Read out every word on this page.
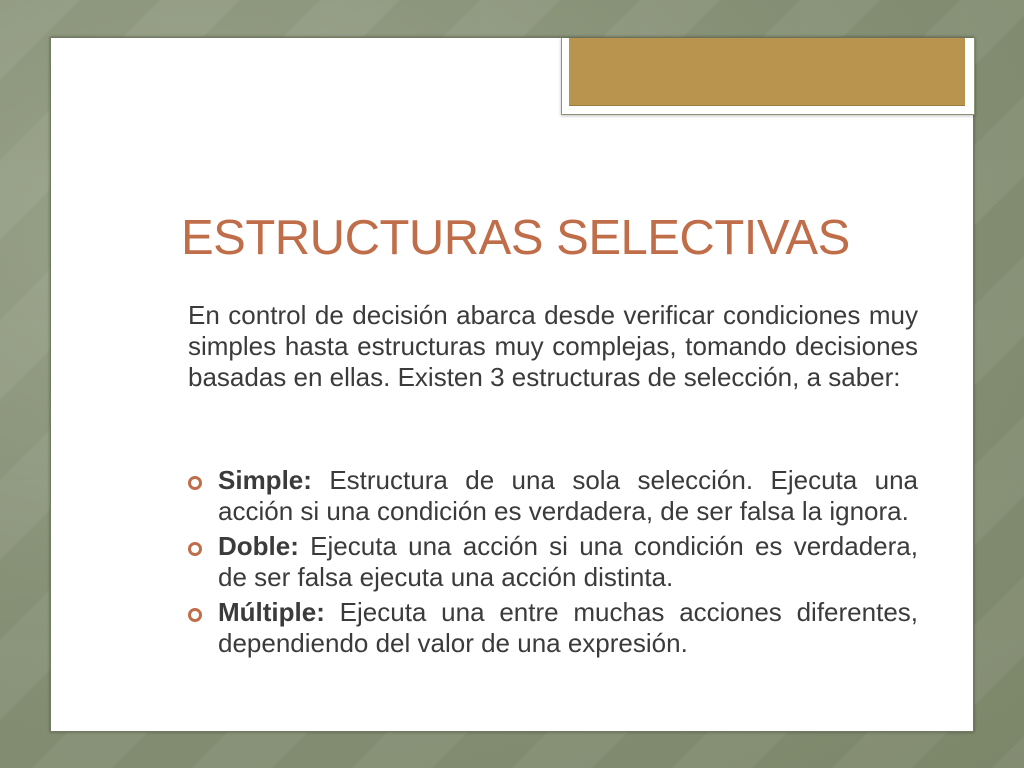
ESTRUCTURAS SELECTIVAS

En control de decisión abarca desde verificar condiciones muy simples hasta estructuras muy complejas, tomando decisiones basadas en ellas. Existen 3 estructuras de selección, a saber:

Simple: Estructura de una sola selección. Ejecuta una acción si una condición es verdadera, de ser falsa la ignora.
Doble: Ejecuta una acción si una condición es verdadera, de ser falsa ejecuta una acción distinta.
Múltiple: Ejecuta una entre muchas acciones diferentes, dependiendo del valor de una expresión.
